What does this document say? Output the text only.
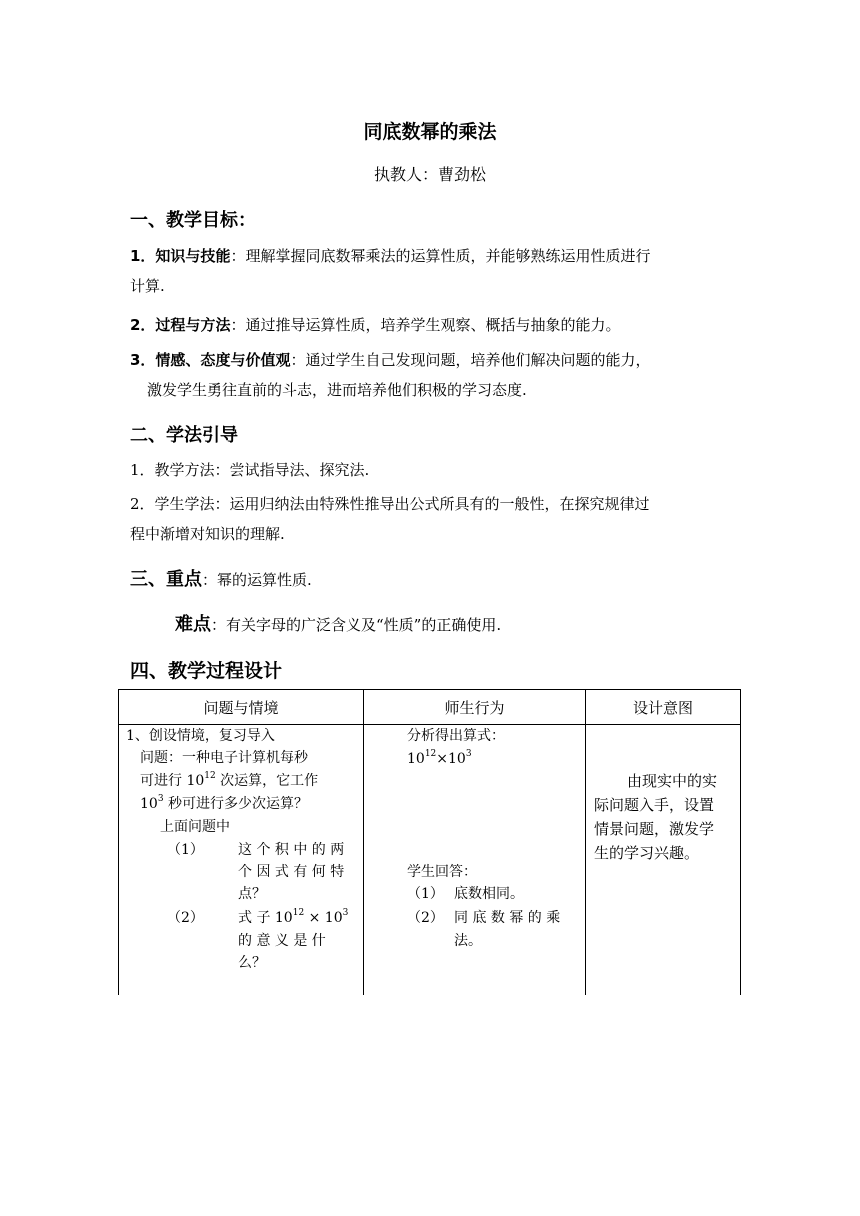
同底数幂的乘法
执教人：曹劲松
一、教学目标：
1．知识与技能：理解掌握同底数幂乘法的运算性质，并能够熟练运用性质进行
计算.
2．过程与方法：通过推导运算性质，培养学生观察、概括与抽象的能力。
3．情感、态度与价值观：通过学生自己发现问题，培养他们解决问题的能力，
激发学生勇往直前的斗志，进而培养他们积极的学习态度.
二、学法引导
1．教学方法：尝试指导法、探究法.
2．学生学法：运用归纳法由特殊性推导出公式所具有的一般性，在探究规律过
程中渐增对知识的理解.
三、重点：幂的运算性质.
难点：有关字母的广泛含义及“性质”的正确使用.
四、教学过程设计
问题与情境	师生行为	设计意图
1、创设情境，复习导入
问题：一种电子计算机每秒
可进行 $10^{12}$ 次运算，它工作
$10^3$ 秒可进行多少次运算？
上面问题中
（1） 这 个 积 中 的 两
个 因 式 有 何 特
点？
（2） 式 子 $10^{12} \times 10^3$
的 意 义 是 什
么？
分析得出算式：
$10^{12}\times 10^3$
学生回答：
（1） 底数相同。
（2） 同 底 数 幂 的 乘
法。
由现实中的实
际问题入手，设置
情景问题，激发学
生的学习兴趣。
